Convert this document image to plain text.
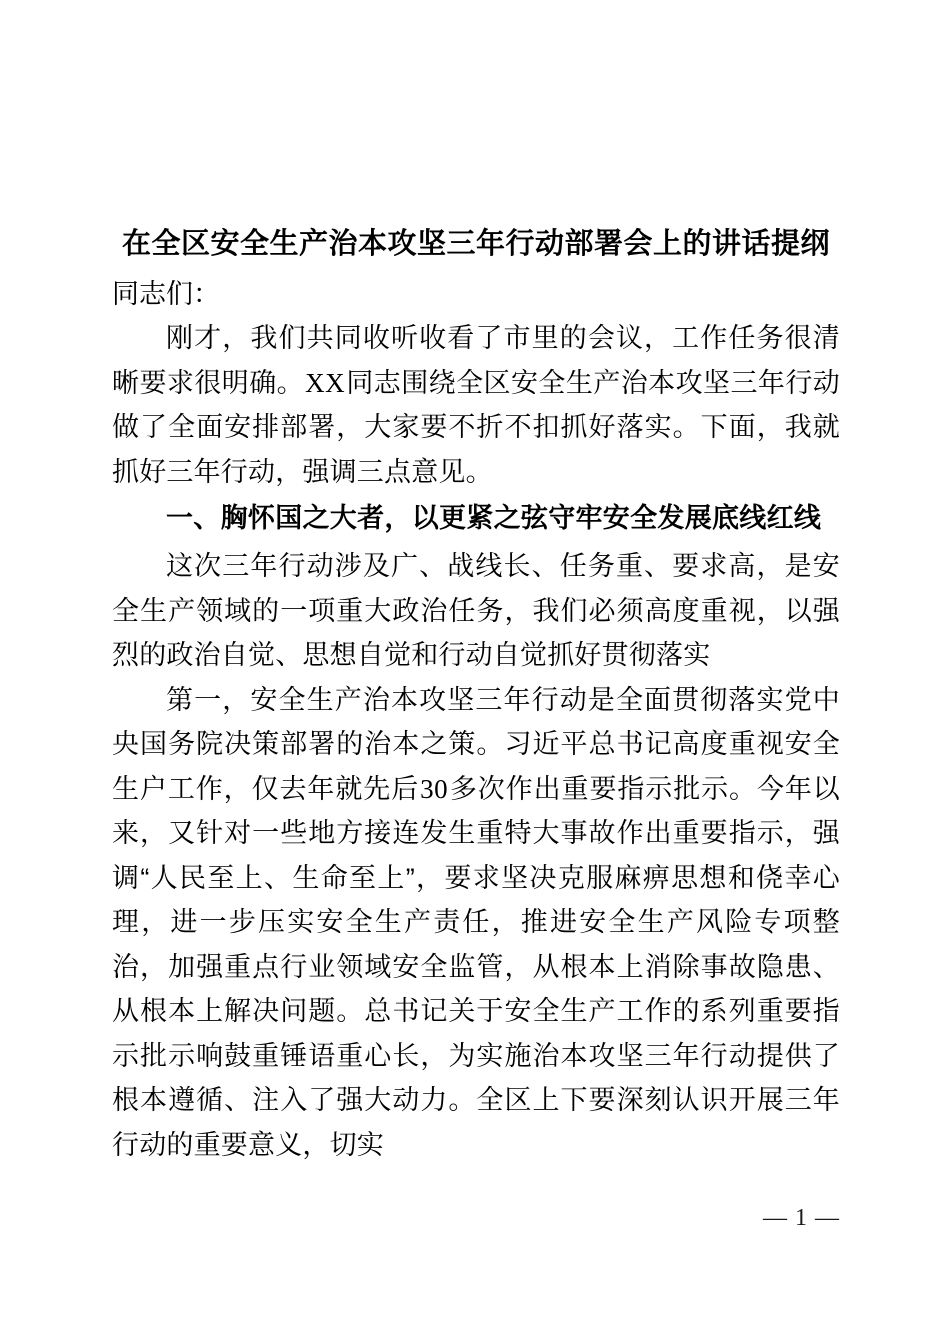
在全区安全生产治本攻坚三年行动部署会上的讲话提纲

同志们：

刚才，我们共同收听收看了市里的会议，工作任务很清晰要求很明确。XX同志围绕全区安全生产治本攻坚三年行动做了全面安排部署，大家要不折不扣抓好落实。下面，我就抓好三年行动，强调三点意见。

一、胸怀国之大者，以更紧之弦守牢安全发展底线红线

这次三年行动涉及广、战线长、任务重、要求高，是安全生产领域的一项重大政治任务，我们必须高度重视，以强烈的政治自觉、思想自觉和行动自觉抓好贯彻落实

第一，安全生产治本攻坚三年行动是全面贯彻落实党中央国务院决策部署的治本之策。习近平总书记高度重视安全生户工作，仅去年就先后30多次作出重要指示批示。今年以来，又针对一些地方接连发生重特大事故作出重要指示，强调“人民至上、生命至上”，要求坚决克服麻痹思想和侥幸心理，进一步压实安全生产责任，推进安全生产风险专项整治，加强重点行业领域安全监管，从根本上消除事故隐患、从根本上解决问题。总书记关于安全生产工作的系列重要指示批示响鼓重锤语重心长，为实施治本攻坚三年行动提供了根本遵循、注入了强大动力。全区上下要深刻认识开展三年行动的重要意义，切实

— 1 —
